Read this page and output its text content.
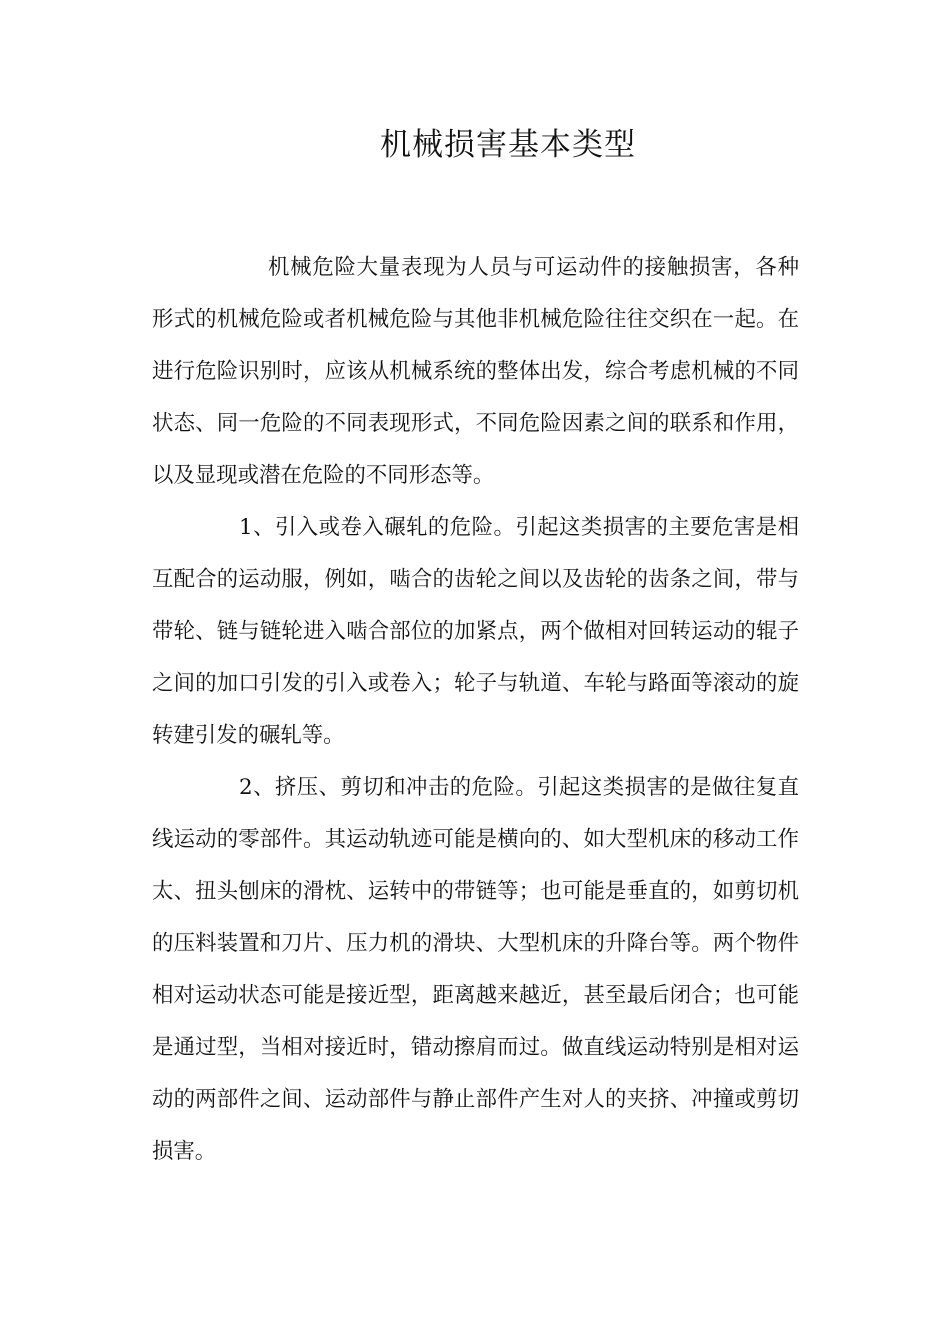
机械损害基本类型

机械危险大量表现为人员与可运动件的接触损害，各种形式的机械危险或者机械危险与其他非机械危险往往交织在一起。在进行危险识别时，应该从机械系统的整体出发，综合考虑机械的不同状态、同一危险的不同表现形式，不同危险因素之间的联系和作用，以及显现或潜在危险的不同形态等。

1、引入或卷入碾轧的危险。引起这类损害的主要危害是相互配合的运动服，例如，啮合的齿轮之间以及齿轮的齿条之间，带与带轮、链与链轮进入啮合部位的加紧点，两个做相对回转运动的辊子之间的加口引发的引入或卷入；轮子与轨道、车轮与路面等滚动的旋转建引发的碾轧等。

2、挤压、剪切和冲击的危险。引起这类损害的是做往复直线运动的零部件。其运动轨迹可能是横向的、如大型机床的移动工作太、扭头刨床的滑枕、运转中的带链等；也可能是垂直的，如剪切机的压料装置和刀片、压力机的滑块、大型机床的升降台等。两个物件相对运动状态可能是接近型，距离越来越近，甚至最后闭合；也可能是通过型，当相对接近时，错动擦肩而过。做直线运动特别是相对运动的两部件之间、运动部件与静止部件产生对人的夹挤、冲撞或剪切损害。
